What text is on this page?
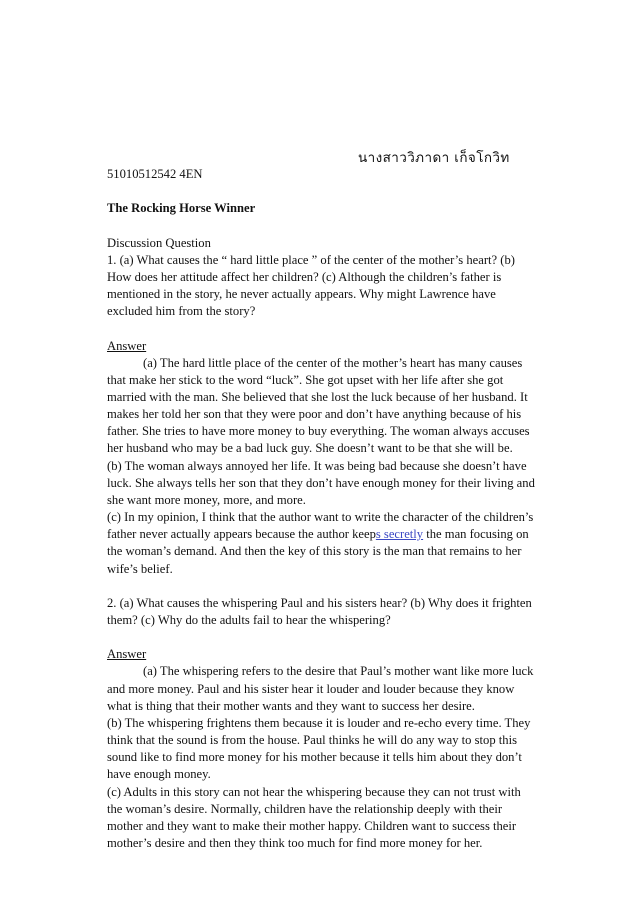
นางสาววิภาดา เก็จโกวิท

51010512542 4EN

The Rocking Horse Winner

Discussion Question

1. (a) What causes the “ hard little place ” of the center of the mother’s heart? (b) How does her attitude affect her children? (c) Although the children’s father is mentioned in the story, he never actually appears. Why might Lawrence have excluded him from the story?

Answer

(a) The hard little place of the center of the mother’s heart has many causes that make her stick to the word “luck”. She got upset with her life after she got married with the man. She believed that she lost the luck because of her husband. It makes her told her son that they were poor and don’t have anything because of his father. She tries to have more money to buy everything. The woman always accuses her husband who may be a bad luck guy. She doesn’t want to be that she will be.

(b) The woman always annoyed her life. It was being bad because she doesn’t have luck. She always tells her son that they don’t have enough money for their living and she want more money, more, and more.

(c) In my opinion, I think that the author want to write the character of the children’s father never actually appears because the author keeps secretly the man focusing on the woman’s demand. And then the key of this story is the man that remains to her wife’s belief.

2. (a) What causes the whispering Paul and his sisters hear? (b) Why does it frighten them? (c) Why do the adults fail to hear the whispering?

Answer

(a) The whispering refers to the desire that Paul’s mother want like more luck and more money. Paul and his sister hear it louder and louder because they know what is thing that their mother wants and they want to success her desire.

(b) The whispering frightens them because it is louder and re-echo every time. They think that the sound is from the house. Paul thinks he will do any way to stop this sound like to find more money for his mother because it tells him about they don’t have enough money.

(c) Adults in this story can not hear the whispering because they can not trust with the woman’s desire. Normally, children have the relationship deeply with their mother and they want to make their mother happy. Children want to success their mother’s desire and then they think too much for find more money for her.
